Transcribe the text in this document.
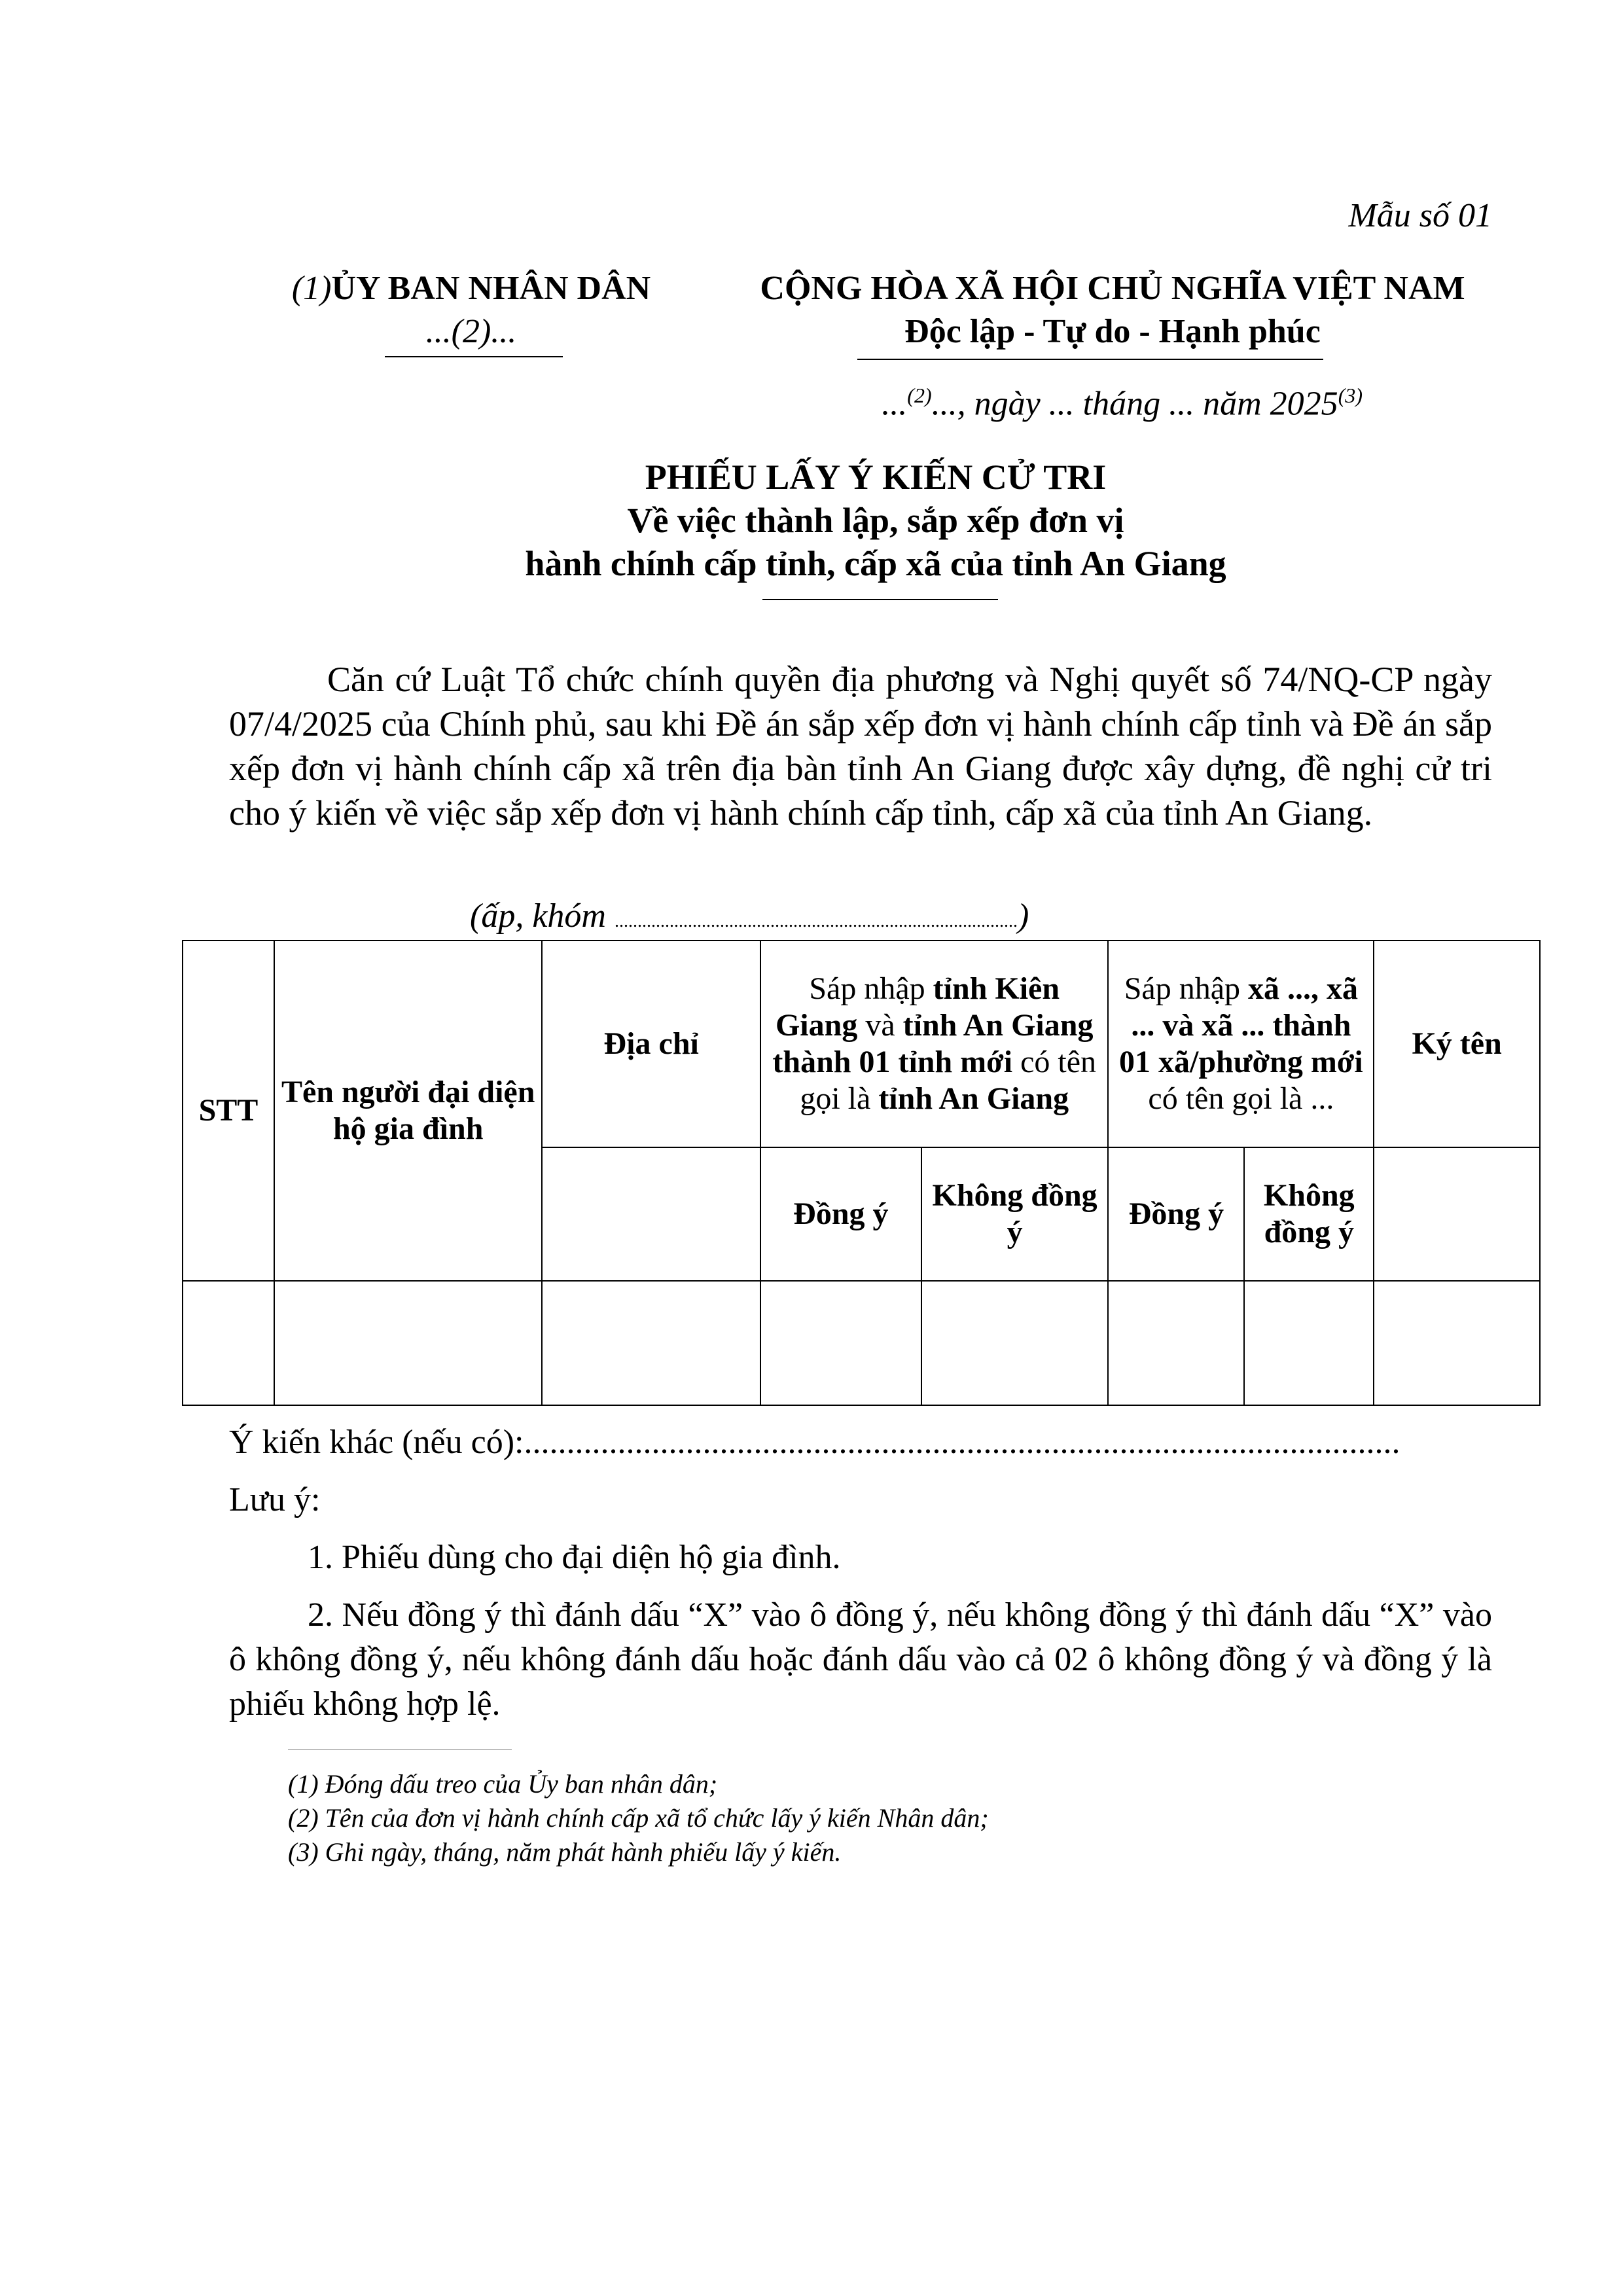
Mẫu số 01
(1)ỦY BAN NHÂN DÂN
...(2)...
CỘNG HÒA XÃ HỘI CHỦ NGHĨA VIỆT NAM
Độc lập - Tự do - Hạnh phúc
...$^{(2)}$..., ngày ... tháng ... năm 2025$^{(3)}$
PHIẾU LẤY Ý KIẾN CỬ TRI
Về việc thành lập, sắp xếp đơn vị
hành chính cấp tỉnh, cấp xã của tỉnh An Giang
Căn cứ Luật Tổ chức chính quyền địa phương và Nghị quyết số 74/NQ-CP ngày 07/4/2025 của Chính phủ, sau khi Đề án sắp xếp đơn vị hành chính cấp tỉnh và Đề án sắp xếp đơn vị hành chính cấp xã trên địa bàn tỉnh An Giang được xây dựng, đề nghị cử tri cho ý kiến về việc sắp xếp đơn vị hành chính cấp tỉnh, cấp xã của tỉnh An Giang.
(ấp, khóm ........................................................................................)
STT	Tên người đại diện hộ gia đình	Địa chỉ	Sáp nhập tỉnh Kiên Giang và tỉnh An Giang thành 01 tỉnh mới có tên gọi là tỉnh An Giang		Sáp nhập xã ..., xã ... và xã ... thành 01 xã/phường mới có tên gọi là ...		Ký tên
			Đồng ý	Không đồng ý	Đồng ý	Không đồng ý	

Ý kiến khác (nếu có):.......................................................................................................
Lưu ý:
1. Phiếu dùng cho đại diện hộ gia đình.
2. Nếu đồng ý thì đánh dấu “X” vào ô đồng ý, nếu không đồng ý thì đánh dấu “X” vào ô không đồng ý, nếu không đánh dấu hoặc đánh dấu vào cả 02 ô không đồng ý và đồng ý là phiếu không hợp lệ.
(1) Đóng dấu treo của Ủy ban nhân dân;
(2) Tên của đơn vị hành chính cấp xã tổ chức lấy ý kiến Nhân dân;
(3) Ghi ngày, tháng, năm phát hành phiếu lấy ý kiến.
